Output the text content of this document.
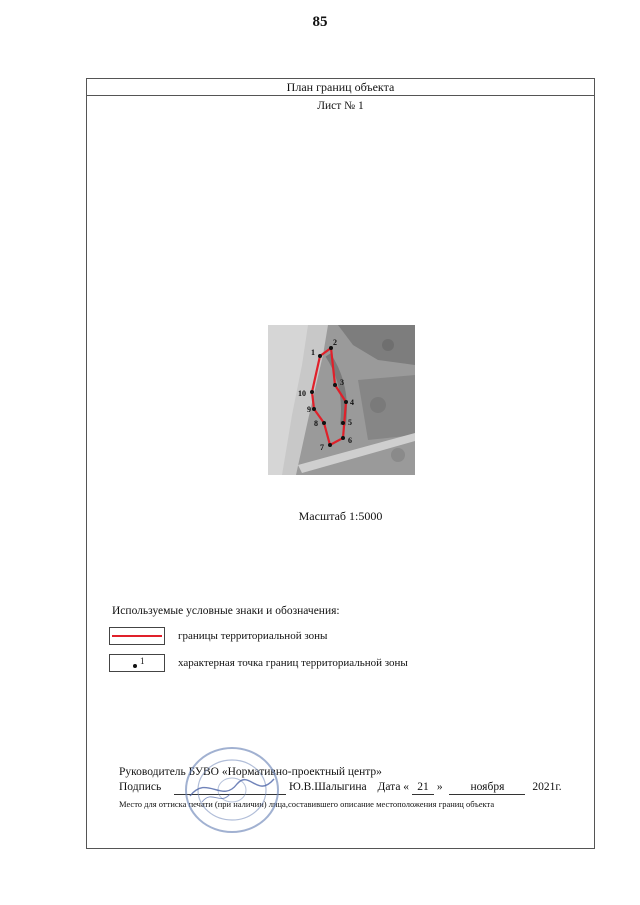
85
План границ объекта
Лист № 1
1
2
3
4
5
6
7
8
9
10
Масштаб 1:5000
Используемые условные знаки и обозначения:
границы территориальной зоны
1	характерная точка границ территориальной зоны
Руководитель БУВО «Нормативно-проектный центр»
Подпись	Ю.В.Шалыгина Дата « 21 » ноября 2021г.
Место для оттиска печати (при наличии) лица,составившего описание местоположения границ объекта
